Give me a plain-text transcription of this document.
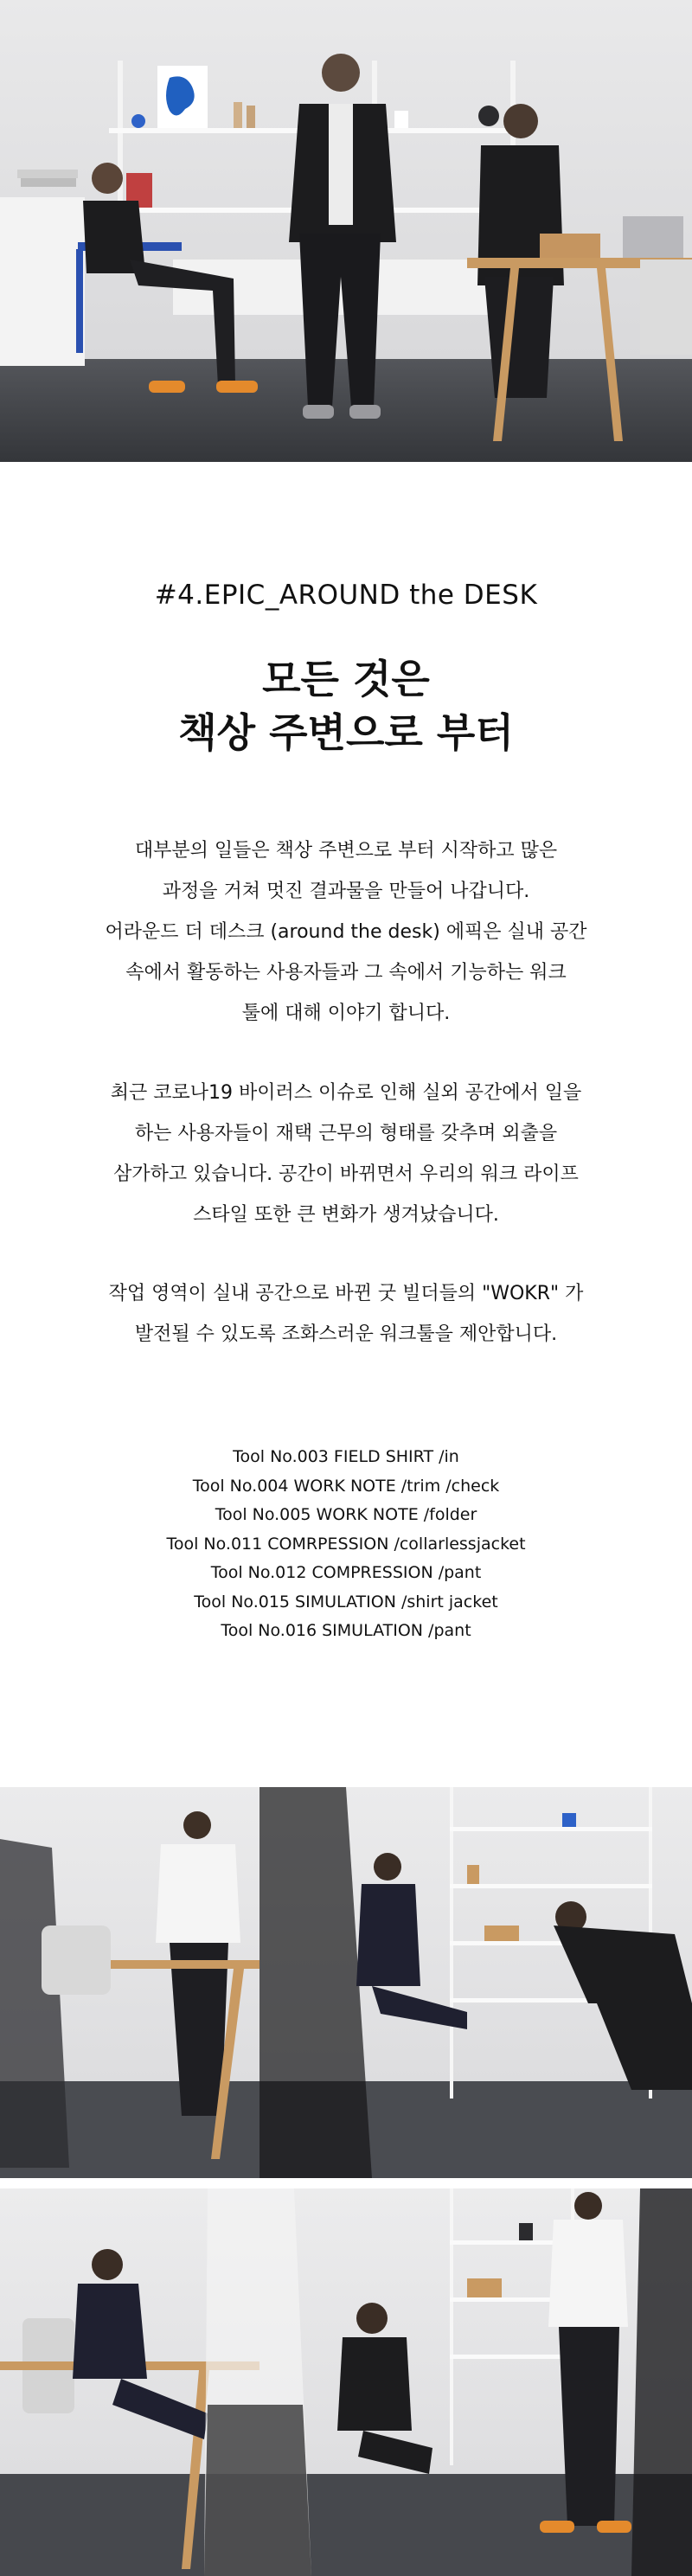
#4.EPIC_AROUND the DESK
모든 것은
책상 주변으로 부터
대부분의 일들은 책상 주변으로 부터 시작하고 많은
과정을 거쳐 멋진 결과물을 만들어 나갑니다.
어라운드 더 데스크 (around the desk) 에픽은 실내 공간
속에서 활동하는 사용자들과 그 속에서 기능하는 워크
툴에 대해 이야기 합니다.
최근 코로나19 바이러스 이슈로 인해 실외 공간에서 일을
하는 사용자들이 재택 근무의 형태를 갖추며 외출을
삼가하고 있습니다. 공간이 바뀌면서 우리의 워크 라이프
스타일 또한 큰 변화가 생겨났습니다.
작업 영역이 실내 공간으로 바뀐 굿 빌더들의 "WOKR" 가
발전될 수 있도록 조화스러운 워크툴을 제안합니다.
Tool No.003 FIELD SHIRT /in
Tool No.004 WORK NOTE /trim /check
Tool No.005 WORK NOTE /folder
Tool No.011 COMRPESSION /collarlessjacket
Tool No.012 COMPRESSION /pant
Tool No.015 SIMULATION /shirt jacket
Tool No.016 SIMULATION /pant
